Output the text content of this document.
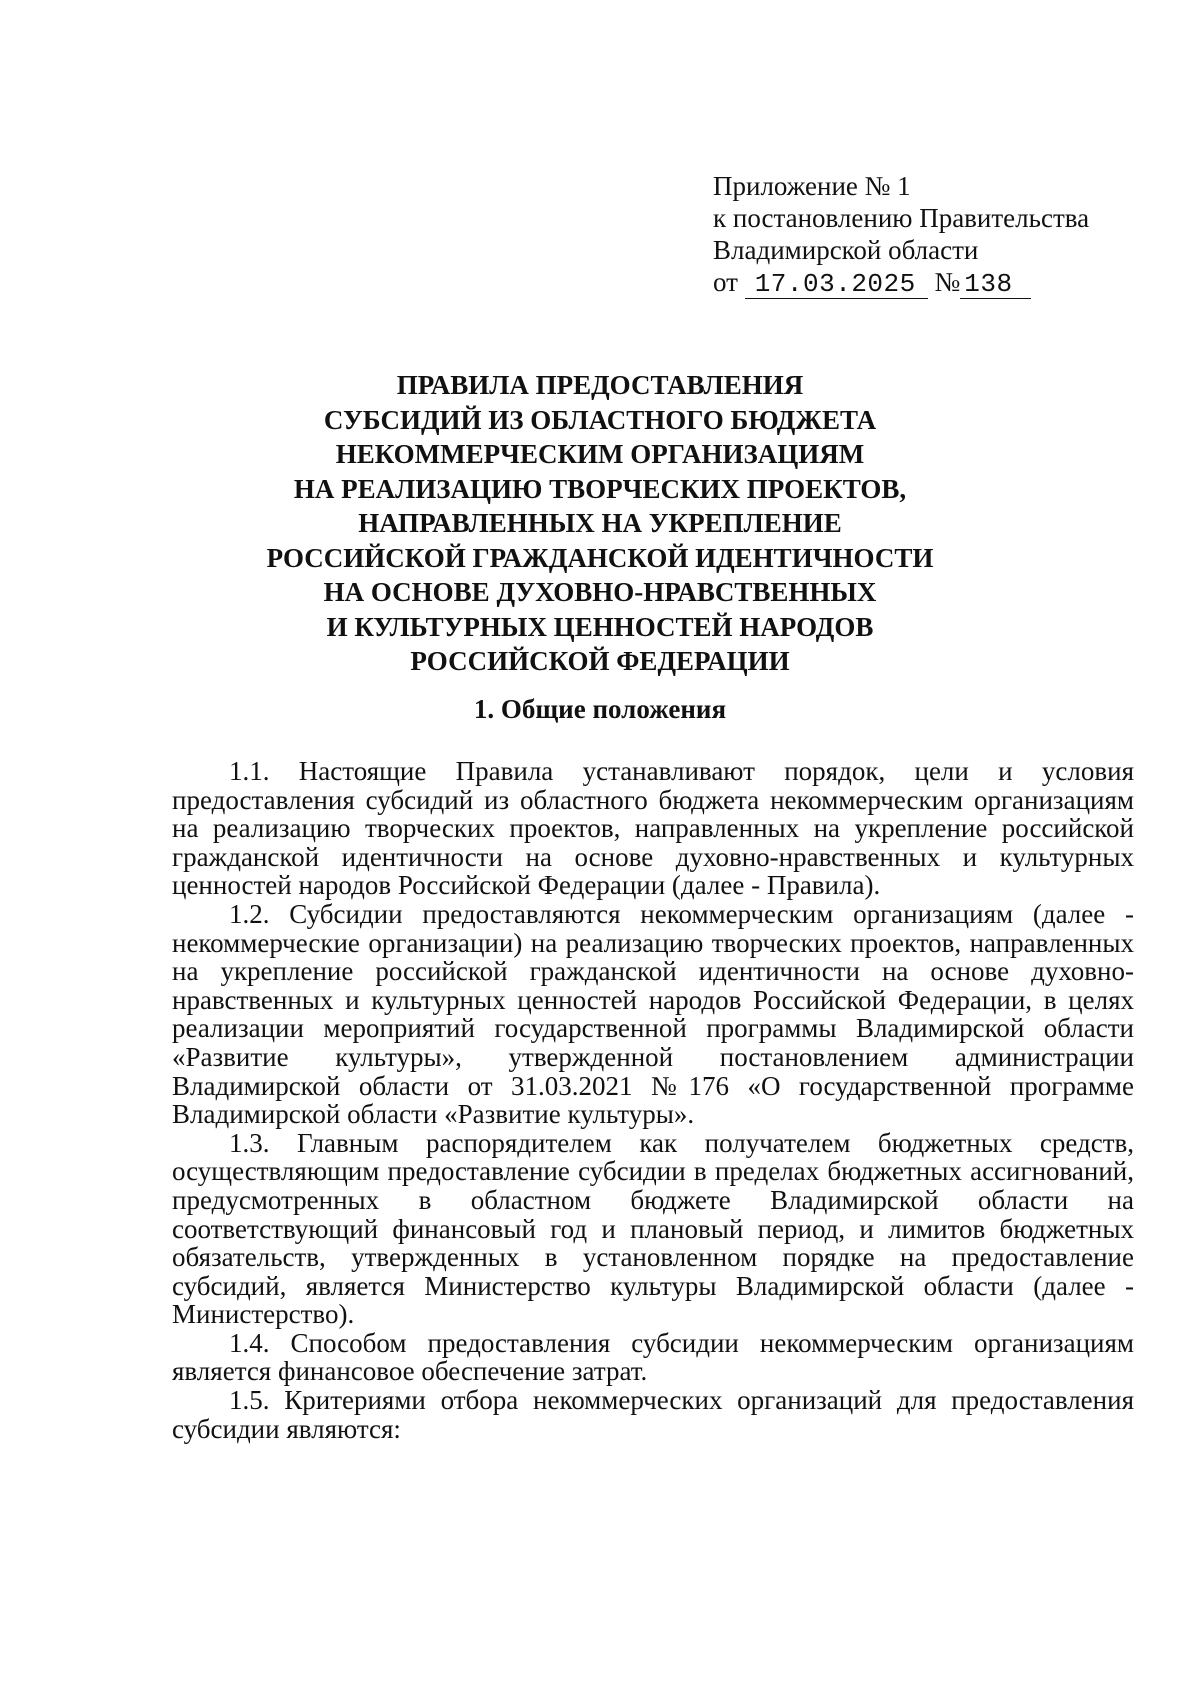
Приложение № 1
к постановлению Правительства
Владимирской области
от 17.03.2025 № 138
ПРАВИЛА ПРЕДОСТАВЛЕНИЯ
СУБСИДИЙ ИЗ ОБЛАСТНОГО БЮДЖЕТА
НЕКОММЕРЧЕСКИМ ОРГАНИЗАЦИЯМ
НА РЕАЛИЗАЦИЮ ТВОРЧЕСКИХ ПРОЕКТОВ,
НАПРАВЛЕННЫХ НА УКРЕПЛЕНИЕ
РОССИЙСКОЙ ГРАЖДАНСКОЙ ИДЕНТИЧНОСТИ
НА ОСНОВЕ ДУХОВНО-НРАВСТВЕННЫХ
И КУЛЬТУРНЫХ ЦЕННОСТЕЙ НАРОДОВ
РОССИЙСКОЙ ФЕДЕРАЦИИ
1. Общие положения

1.1. Настоящие Правила устанавливают порядок, цели и условия предоставления субсидий из областного бюджета некоммерческим организациям на реализацию творческих проектов, направленных на укрепление российской гражданской идентичности на основе духовно-нравственных и культурных ценностей народов Российской Федерации (далее - Правила).

1.2. Субсидии предоставляются некоммерческим организациям (далее - некоммерческие организации) на реализацию творческих проектов, направленных на укрепление российской гражданской идентичности на основе духовно-нравственных и культурных ценностей народов Российской Федерации, в целях реализации мероприятий государственной программы Владимирской области «Развитие культуры», утвержденной постановлением администрации Владимирской области от 31.03.2021 №176 «О государственной программе Владимирской области «Развитие культуры».

1.3. Главным распорядителем как получателем бюджетных средств, осуществляющим предоставление субсидии в пределах бюджетных ассигнований, предусмотренных в областном бюджете Владимирской области на соответствующий финансовый год и плановый период, и лимитов бюджетных обязательств, утвержденных в установленном порядке на предоставление субсидий, является Министерство культуры Владимирской области (далее - Министерство).

1.4. Способом предоставления субсидии некоммерческим организациям является финансовое обеспечение затрат.

1.5. Критериями отбора некоммерческих организаций для предоставления субсидии являются:
